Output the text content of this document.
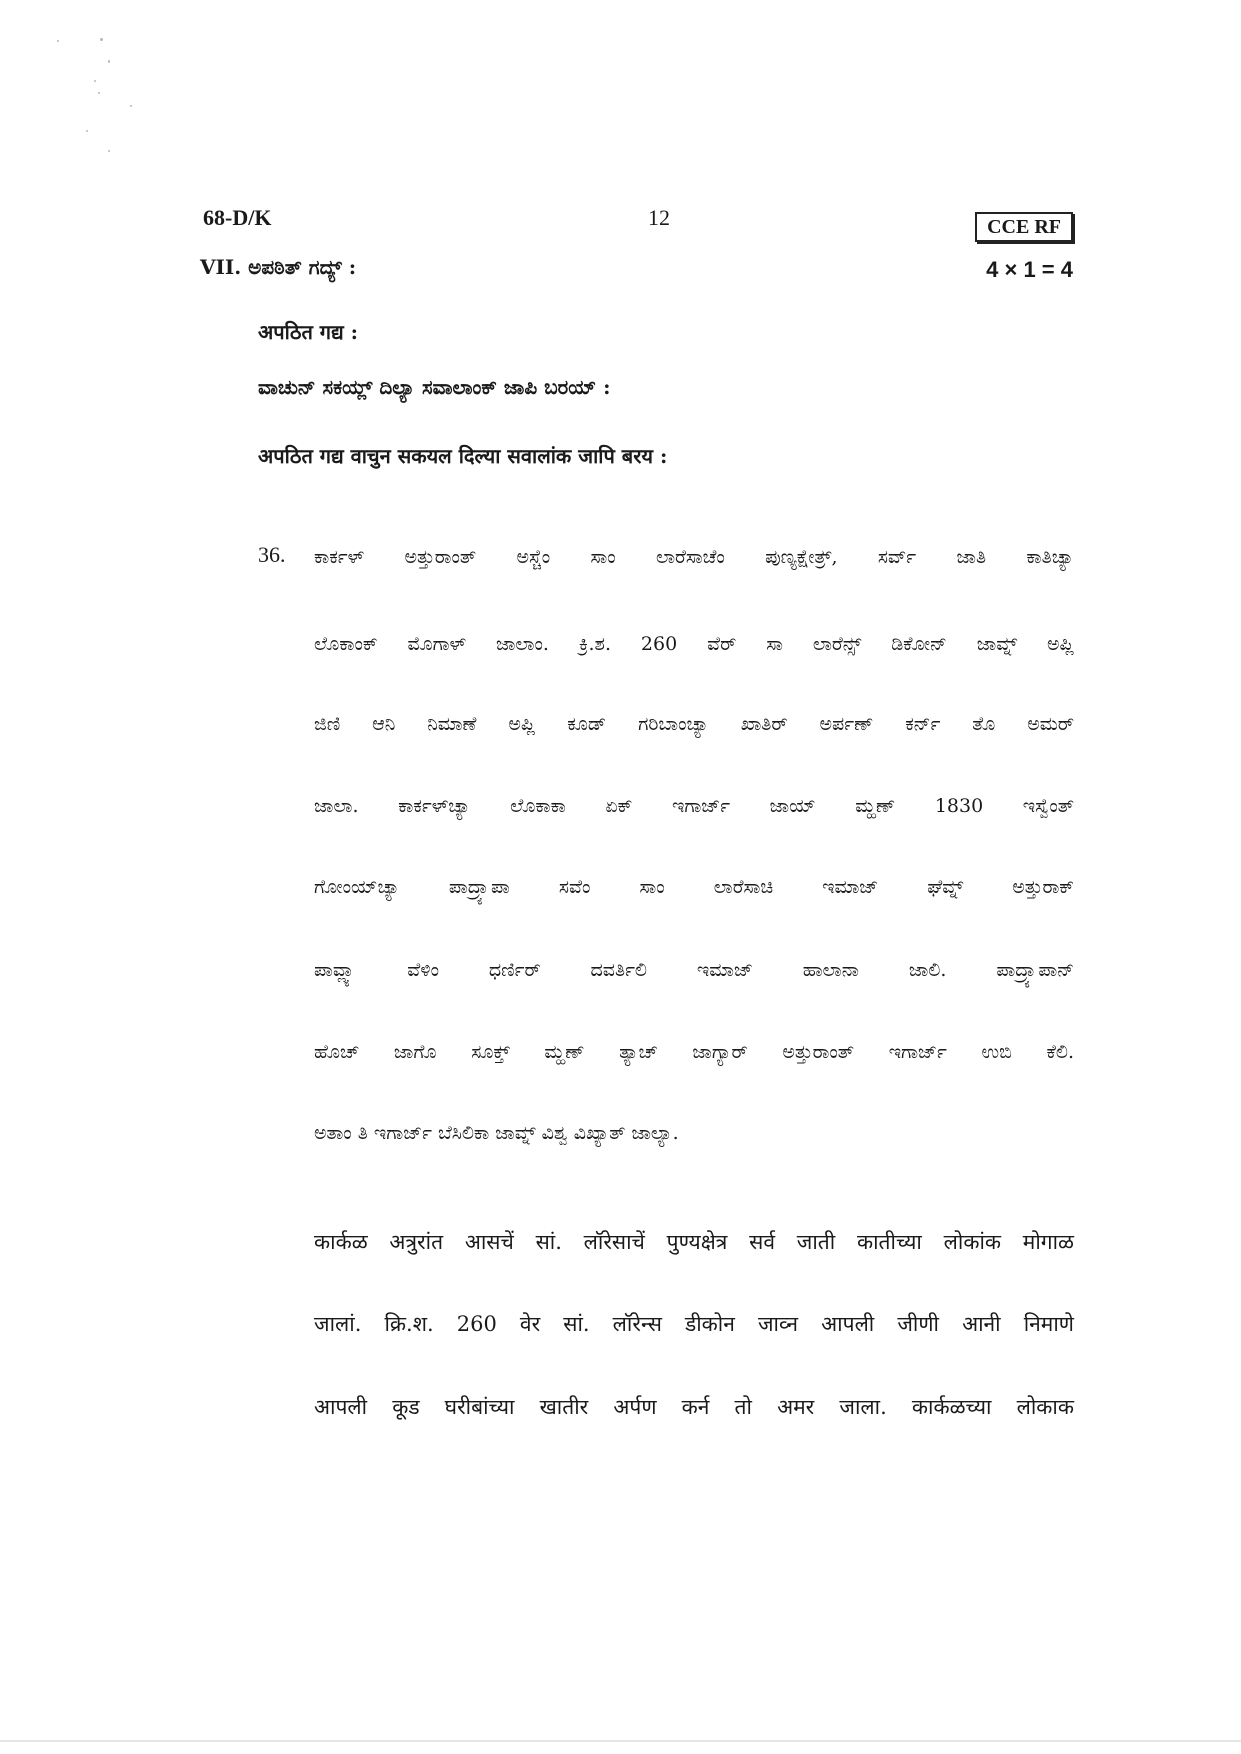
68-D/K	12	CCE RF
VII. ಅಪಠಿತ್ ಗದ್ಯ್ :	4 × 1 = 4
अपठित गद्य :
ವಾಚುನ್ ಸಕಯ್ಲ್ ದಿಲ್ಯಾ ಸವಾಲಾಂಕ್ ಜಾಪಿ ಬರಯ್ :
अपठित गद्य वाचुन सकयल दिल्या सवालांक जापि बरय :
36. ಕಾರ್ಕಳ್ ಅತ್ತುರಾಂತ್ ಅಸ್ಚೆಂ ಸಾಂ ಲಾರೆಸಾಚೆಂ ಪುಣ್ಯಕ್ಷೇತ್ರ್, ಸರ್ವ್ ಜಾತಿ ಕಾತಿಚ್ಯಾ
ಲೊಕಾಂಕ್ ಮೊಗಾಳ್ ಜಾಲಾಂ. ಕ್ರಿ.ಶ. 260 ವೆರ್ ಸಾ ಲಾರೆನ್ಸ್ ಡಿಕೋನ್ ಜಾವ್ನ್ ಅಪ್ಲಿ
ಜಿಣಿ ಆನಿ ನಿಮಾಣೆ ಅಪ್ಲಿ ಕೂಡ್ ಗರಿಬಾಂಚ್ಯಾ ಖಾತಿರ್ ಅರ್ಪಣ್ ಕರ್ನ್ ತೊ ಅಮರ್
ಜಾಲಾ. ಕಾರ್ಕಳ್‌ಚ್ಯಾ ಲೊಕಾಕಾ ಏಕ್ ಇಗಾರ್ಜ್ ಜಾಯ್ ಮ್ಹಣ್ 1830 ಇಸ್ವೆಂತ್
ಗೋಂಯ್‌ಚ್ಯಾ ಪಾದ್ರ್ಯಾಪಾ ಸವೆಂ ಸಾಂ ಲಾರೆಸಾಚಿ ಇಮಾಜ್ ಘೆವ್ನ್ ಅತ್ತುರಾಕ್
ಪಾವ್ಲ್ಯಾ ವೆಳಿಂ ಧರ್ಣಿರ್ ದವರ್ತಿಲಿ ಇಮಾಜ್ ಹಾಲಾನಾ ಜಾಲಿ. ಪಾದ್ರ್ಯಾಪಾನ್
ಹೊಚ್ ಜಾಗೊ ಸೂಕ್ತ್ ಮ್ಹಣ್ ತ್ಯಾಚ್ ಜಾಗ್ಯಾರ್ ಅತ್ತುರಾಂತ್ ಇಗಾರ್ಜ್ ಉಬಿ ಕೆಲಿ.
ಅತಾಂ ತಿ ಇಗಾರ್ಜ್ ಬೆಸಿಲಿಕಾ ಜಾವ್ನ್ ವಿಶ್ವ ವಿಖ್ಯಾತ್ ಜಾಲ್ಯಾ.
कार्कळ अत्रुरांत आसचें सां. लॉरेसाचें पुण्यक्षेत्र सर्व जाती कातीच्या लोकांक मोगाळ
जालां. क्रि.श. 260 वेर सां. लॉरेन्स डीकोन जाव्न आपली जीणी आनी निमाणे
आपली कूड घरीबांच्या खातीर अर्पण कर्न तो अमर जाला. कार्कळच्या लोकाक
